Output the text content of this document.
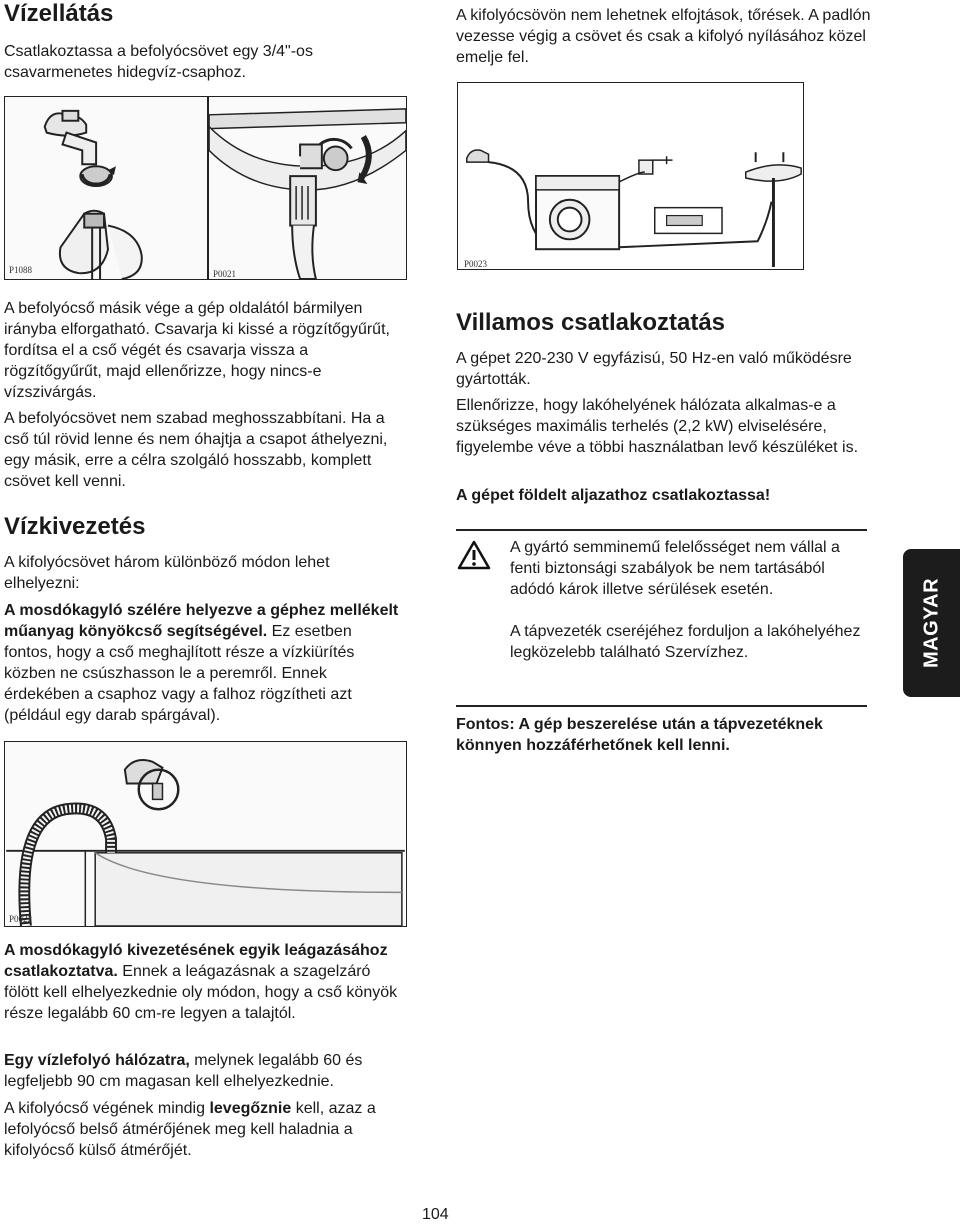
Vízellátás

Csatlakoztassa a befolyócsövet egy 3/4"-os csavarmenetes hidegvíz-csaphoz.

A kifolyócsövön nem lehetnek elfojtások, tőrések. A padlón vezesse végig a csövet és csak a kifolyó nyílásához közel emelje fel.

P1088	P0021
P0023

A befolyócső másik vége a gép oldalától bármilyen irányba elforgatható. Csavarja ki kissé a rögzítőgyűrűt, fordítsa el a cső végét és csavarja vissza a rögzítőgyűrűt, majd ellenőrizze, hogy nincs-e vízszivárgás.

A befolyócsövet nem szabad meghosszabbítani. Ha a cső túl rövid lenne és nem óhajtja a csapot áthelyezni, egy másik, erre a célra szolgáló hosszabb, komplett csövet kell venni.

Vízkivezetés

A kifolyócsövet három különböző módon lehet elhelyezni:

A mosdókagyló szélére helyezve a géphez mellékelt műanyag könyökcső segítségével. Ez esetben fontos, hogy a cső meghajlított része a vízkiürítés közben ne csúszhasson le a peremről. Ennek érdekében a csaphoz vagy a falhoz rögzítheti azt (például egy darab spárgával).

P0022

A mosdókagyló kivezetésének egyik leágazásához csatlakoztatva. Ennek a leágazásnak a szagelzáró fölött kell elhelyezkednie oly módon, hogy a cső könyök része legalább 60 cm-re legyen a talajtól.

Egy vízlefolyó hálózatra, melynek legalább 60 és legfeljebb 90 cm magasan kell elhelyezkednie.

A kifolyócső végének mindig levegőznie kell, azaz a lefolyócső belső átmérőjének meg kell haladnia a kifolyócső külső átmérőjét.

Villamos csatlakoztatás

A gépet 220-230 V egyfázisú, 50 Hz-en való működésre gyártották.

Ellenőrizze, hogy lakóhelyének hálózata alkalmas-e a szükséges maximális terhelés (2,2 kW) elviselésére, figyelembe véve a többi használatban levő készüléket is.

A gépet földelt aljazathoz csatlakoztassa!

A gyártó semminemű felelősséget nem vállal a fenti biztonsági szabályok be nem tartásából adódó károk illetve sérülések esetén.

A tápvezeték cseréjéhez forduljon a lakóhelyéhez legközelebb található Szervízhez.

Fontos: A gép beszerelése után a tápvezetéknek könnyen hozzáférhetőnek kell lenni.

MAGYAR

104
